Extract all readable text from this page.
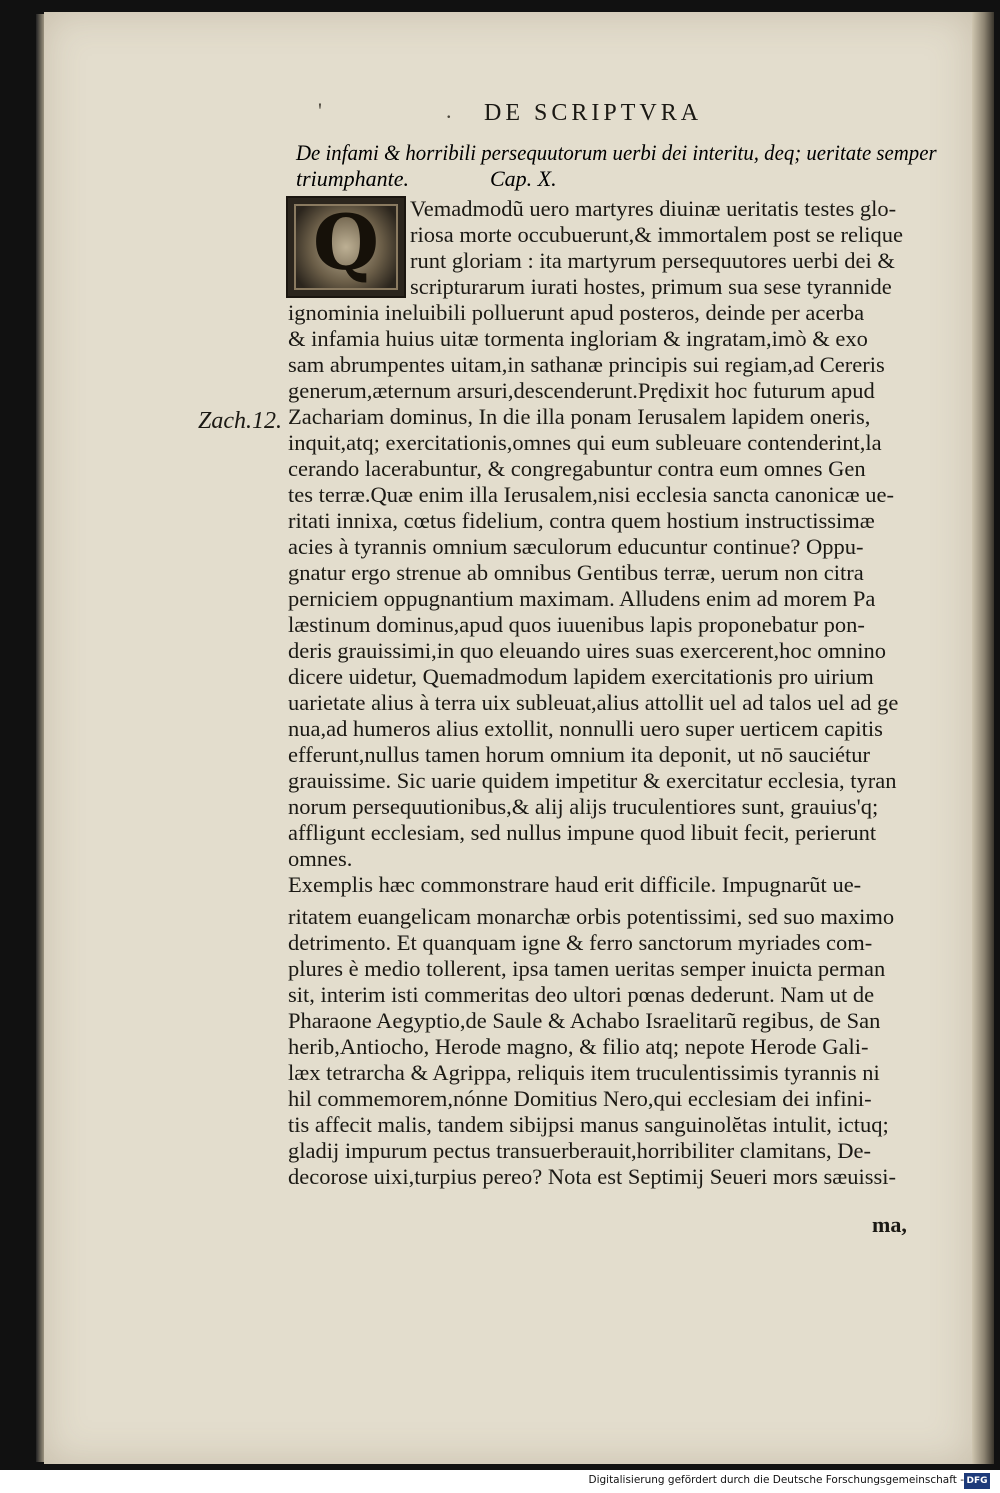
'	. DE SCRIPTVRA
De infami & horribili persequutorum uerbi dei interitu, deq; ueritate semper
triumphante.	Cap. X.
Q
Zach.12.
Vemadmodũ uero martyres diuinæ ueritatis testes glo-
riosa morte occubuerunt,& immortalem post se relique
runt gloriam : ita martyrum persequutores uerbi dei &
scripturarum iurati hostes, primum sua sese tyrannide
ignominia ineluibili polluerunt apud posteros, deinde per acerba
& infamia huius uitæ tormenta ingloriam & ingratam,imò & exo
sam abrumpentes uitam,in sathanæ principis sui regiam,ad Cereris
generum,æternum arsuri,descenderunt.Prędixit hoc futurum apud
Zachariam dominus, In die illa ponam Ierusalem lapidem oneris,
inquit,atq; exercitationis,omnes qui eum subleuare contenderint,la
cerando lacerabuntur, & congregabuntur contra eum omnes Gen
tes terræ.Quæ enim illa Ierusalem,nisi ecclesia sancta canonicæ ue-
ritati innixa, cœtus fidelium, contra quem hostium instructissimæ
acies à tyrannis omnium sæculorum educuntur continue? Oppu-
gnatur ergo strenue ab omnibus Gentibus terræ, uerum non citra
perniciem oppugnantium maximam. Alludens enim ad morem Pa
læstinum dominus,apud quos iuuenibus lapis proponebatur pon-
deris grauissimi,in quo eleuando uires suas exercerent,hoc omnino
dicere uidetur, Quemadmodum lapidem exercitationis pro uirium
uarietate alius à terra uix subleuat,alius attollit uel ad talos uel ad ge
nua,ad humeros alius extollit, nonnulli uero super uerticem capitis
efferunt,nullus tamen horum omnium ita deponit, ut nō sauciétur
grauissime. Sic uarie quidem impetitur & exercitatur ecclesia, tyran
norum persequutionibus,& alij alijs truculentiores sunt, grauius'q;
affligunt ecclesiam, sed nullus impune quod libuit fecit, perierunt
omnes.
Exemplis hæc commonstrare haud erit difficile. Impugnarũt ue-
ritatem euangelicam monarchæ orbis potentissimi, sed suo maximo
detrimento. Et quanquam igne & ferro sanctorum myriades com-
plures è medio tollerent, ipsa tamen ueritas semper inuicta perman
sit, interim isti commeritas deo ultori pœnas dederunt. Nam ut de
Pharaone Aegyptio,de Saule & Achabo Israelitarũ regibus, de San
herib,Antiocho, Herode magno, & filio atq; nepote Herode Gali-
læx tetrarcha & Agrippa, reliquis item truculentissimis tyrannis ni
hil commemorem,nónne Domitius Nero,qui ecclesiam dei infini-
tis affecit malis, tandem sibijpsi manus sanguinolĕtas intulit, ictuq;
gladij impurum pectus transuerberauit,horribiliter clamitans, De-
decorose uixi,turpius pereo? Nota est Septimij Seueri mors sæuissi-
ma,
Digitalisierung gefördert durch die Deutsche Forschungsgemeinschaft - DFG
